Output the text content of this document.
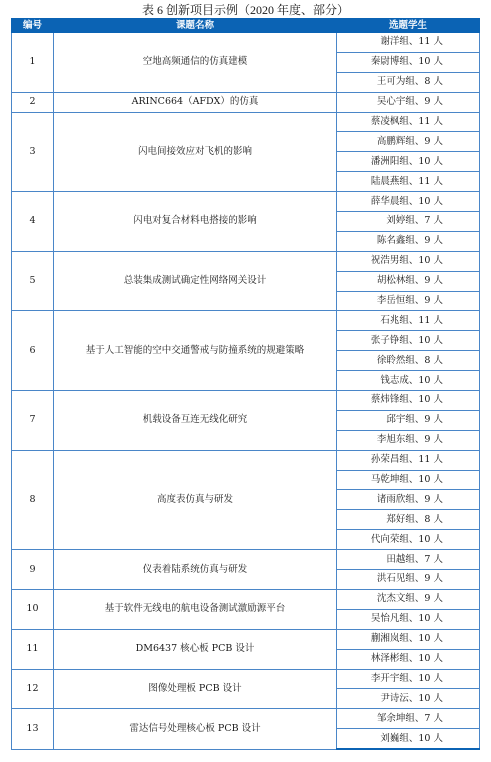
表 6 创新项目示例（2020 年度、部分）
编号	课题名称	选题学生
1	空地高频通信的仿真建模	谢洋组、11 人
		秦尉博组、10 人
		王可为组、8 人
2	ARINC664（AFDX）的仿真	吴心宇组、9 人
3	闪电间接效应对飞机的影响	蔡凌枫组、11 人
		高鹏辉组、9 人
		潘洲阳组、10 人
		陆晨燕组、11 人
4	闪电对复合材料电搭接的影响	薛华晨组、10 人
		刘婷组、7 人
		陈名鑫组、9 人
5	总装集成测试确定性网络网关设计	祝浩男组、10 人
		胡松林组、9 人
		李岳恒组、9 人
6	基于人工智能的空中交通警戒与防撞系统的规避策略	石兆组、11 人
		张子铮组、10 人
		徐聆然组、8 人
		钱志成、10 人
7	机载设备互连无线化研究	蔡炜锋组、10 人
		邱宇组、9 人
		李旭东组、9 人
8	高度表仿真与研发	孙荣昌组、11 人
		马乾坤组、10 人
		诸雨欣组、9 人
		郑好组、8 人
		代向荣组、10 人
9	仪表着陆系统仿真与研发	田越组、7 人
		洪石见组、9 人
10	基于软件无线电的航电设备测试激励源平台	沈杰文组、9 人
		吴怡凡组、10 人
11	DM6437 核心板 PCB 设计	蒯湘岚组、10 人
		林泽彬组、10 人
12	图像处理板 PCB 设计	李开宇组、10 人
		尹诗沄、10 人
13	雷达信号处理核心板 PCB 设计	邹余坤组、7 人
		刘巍组、10 人
